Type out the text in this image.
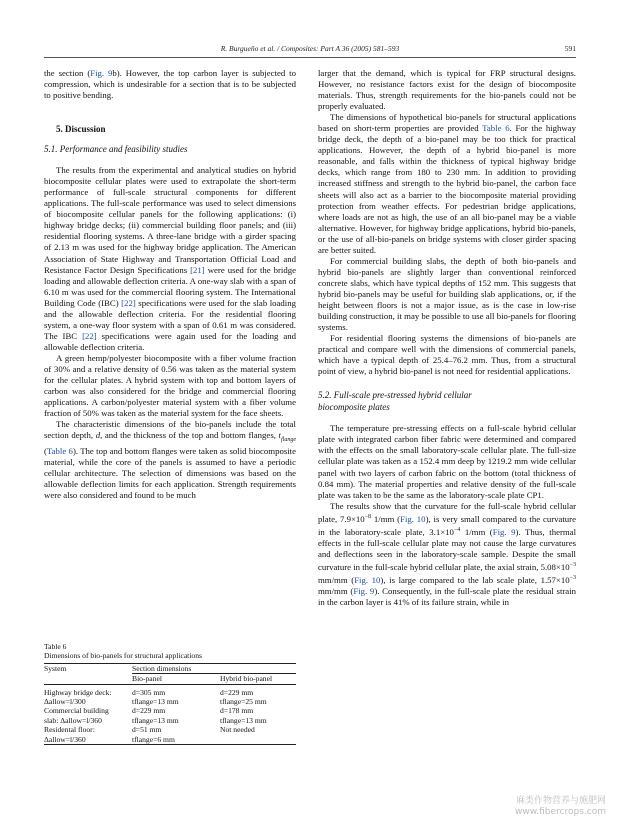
R. Burgueño et al. / Composites: Part A 36 (2005) 581–593	591

the section (Fig. 9b). However, the top carbon layer is subjected to compression, which is undesirable for a section that is to be subjected to positive bending.

5. Discussion

5.1. Performance and feasibility studies

The results from the experimental and analytical studies on hybrid biocomposite cellular plates were used to extrapolate the short-term performance of full-scale structural components for different applications. The full-scale performance was used to select dimensions of biocomposite cellular panels for the following applications: (i) highway bridge decks; (ii) commercial building floor panels; and (iii) residential flooring systems. A three-lane bridge with a girder spacing of 2.13 m was used for the highway bridge application. The American Association of State Highway and Transportation Official Load and Resistance Factor Design Specifications [21] were used for the bridge loading and allowable deflection criteria. A one-way slab with a span of 6.10 m was used for the commercial flooring system. The International Building Code (IBC) [22] specifications were used for the slab loading and the allowable deflection criteria. For the residential flooring system, a one-way floor system with a span of 0.61 m was considered. The IBC [22] specifications were again used for the loading and allowable deflection criteria.

A green hemp/polyester biocomposite with a fiber volume fraction of 30% and a relative density of 0.56 was taken as the material system for the cellular plates. A hybrid system with top and bottom layers of carbon was also considered for the bridge and commercial flooring applications. A carbon/polyester material system with a fiber volume fraction of 50% was taken as the material system for the face sheets.

The characteristic dimensions of the bio-panels include the total section depth, d, and the thickness of the top and bottom flanges, $t_{flange}$ (Table 6). The top and bottom flanges were taken as solid biocomposite material, while the core of the panels is assumed to have a periodic cellular architecture. The selection of dimensions was based on the allowable deflection limits for each application. Strength requirements were also considered and found to be much

Table 6

Dimensions of bio-panels for structural applications

System	Section dimensions	
	Bio-panel	Hybrid bio-panel

Highway bridge deck:	d=305 mm	d=229 mm
Δallow=l/300	tflange=13 mm	tflange=25 mm
Commercial building	d=229 mm	d=178 mm
slab: Δallow=l/360	tflange=13 mm	tflange=13 mm
Residental floor:	d=51 mm	Not needed
Δallow=l/360	tflange=6 mm	

larger that the demand, which is typical for FRP structural designs. However, no resistance factors exist for the design of biocomposite materials. Thus, strength requirements for the bio-panels could not be properly evaluated.

The dimensions of hypothetical bio-panels for structural applications based on short-term properties are provided Table 6. For the highway bridge deck, the depth of a bio-panel may be too thick for practical applications. However, the depth of a hybrid bio-panel is more reasonable, and falls within the thickness of typical highway bridge decks, which range from 180 to 230 mm. In addition to providing increased stiffness and strength to the hybrid bio-panel, the carbon face sheets will also act as a barrier to the biocomposite material providing protection from weather effects. For pedestrian bridge applications, where loads are not as high, the use of an all bio-panel may be a viable alternative. However, for highway bridge applications, hybrid bio-panels, or the use of all-bio-panels on bridge systems with closer girder spacing are better suited.

For commercial building slabs, the depth of both bio-panels and hybrid bio-panels are slightly larger than conventional reinforced concrete slabs, which have typical depths of 152 mm. This suggests that hybrid bio-panels may be useful for building slab applications, or, if the height between floors is not a major issue, as is the case in low-rise building construction, it may be possible to use all bio-panels for flooring systems.

For residential flooring systems the dimensions of bio-panels are practical and compare well with the dimensions of commercial panels, which have a typical depth of 25.4–76.2 mm. Thus, from a structural point of view, a hybrid bio-panel is not need for residential applications.

5.2. Full-scale pre-stressed hybrid cellular
biocomposite plates

The temperature pre-stressing effects on a full-scale hybrid cellular plate with integrated carbon fiber fabric were determined and compared with the effects on the small laboratory-scale cellular plate. The full-size cellular plate was taken as a 152.4 mm deep by 1219.2 mm wide cellular panel with two layers of carbon fabric on the bottom (total thickness of 0.84 mm). The material properties and relative density of the full-scale plate was taken to be the same as the laboratory-scale plate CP1.

The results show that the curvature for the full-scale hybrid cellular plate, $7.9\times 10^{-8}$ 1/mm (Fig. 10), is very small compared to the curvature in the laboratory-scale plate, $3.1\times 10^{-4}$ 1/mm (Fig. 9). Thus, thermal effects in the full-scale cellular plate may not cause the large curvatures and deflections seen in the laboratory-scale sample. Despite the small curvature in the full-scale hybrid cellular plate, the axial strain, $5.08\times 10^{-3}$ mm/mm (Fig. 10), is large compared to the lab scale plate, $1.57\times 10^{-3}$ mm/mm (Fig. 9). Consequently, in the full-scale plate the residual strain in the carbon layer is 41% of its failure strain, while in

麻类作物营养与施肥网
www.fibercrops.com
